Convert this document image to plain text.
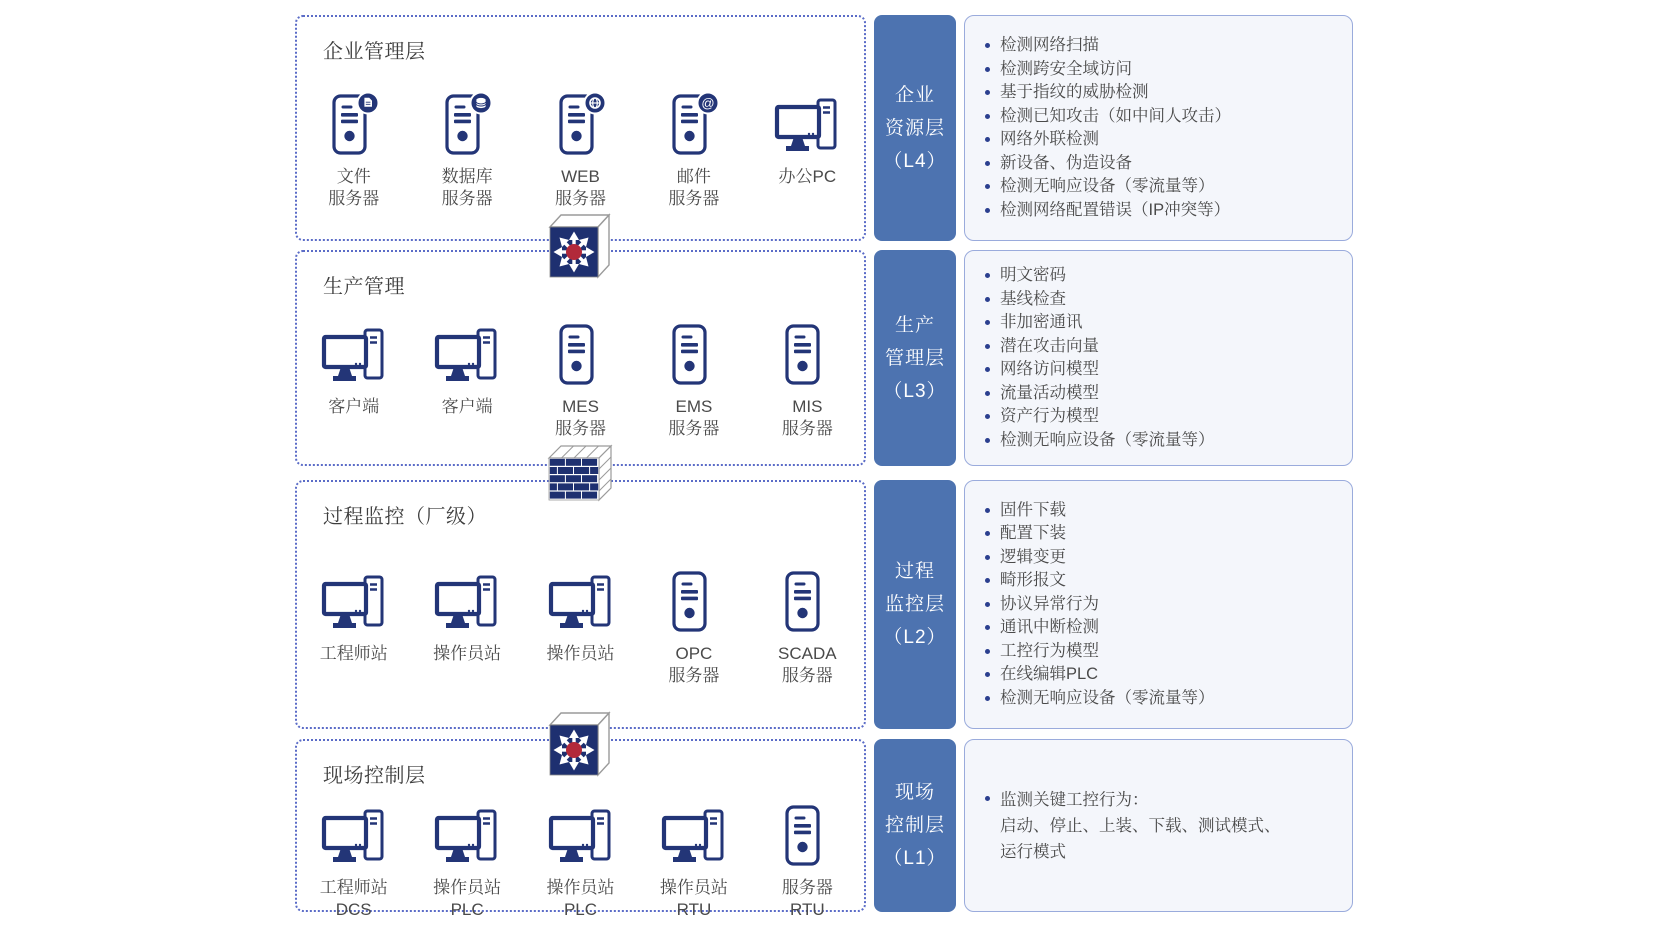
企业管理层
文件
服务器
数据库
服务器
WEB
服务器
@
邮件
服务器
办公PC
企业
资源层
（L4）
检测网络扫描
检测跨安全域访问
基于指纹的威胁检测
检测已知攻击（如中间人攻击）
网络外联检测
新设备、伪造设备
检测无响应设备（零流量等）
检测网络配置错误（IP冲突等）
生产管理
客户端	客户端	MES
服务器
EMS
服务器
MIS
服务器
生产
管理层
（L3）
明文密码
基线检查
非加密通讯
潜在攻击向量
网络访问模型
流量活动模型
资产行为模型
检测无响应设备（零流量等）
过程监控（厂级）
工程师站	操作员站	操作员站	OPC
服务器
SCADA
服务器
过程
监控层
（L2）
固件下载
配置下装
逻辑变更
畸形报文
协议异常行为
通讯中断检测
工控行为模型
在线编辑PLC
检测无响应设备（零流量等）
现场控制层
工程师站
DCS
操作员站
PLC
操作员站
PLC
操作员站
RTU
服务器
RTU
现场
控制层
（L1）
监测关键工控行为：
启动、停止、上装、下载、测试模式、
运行模式
